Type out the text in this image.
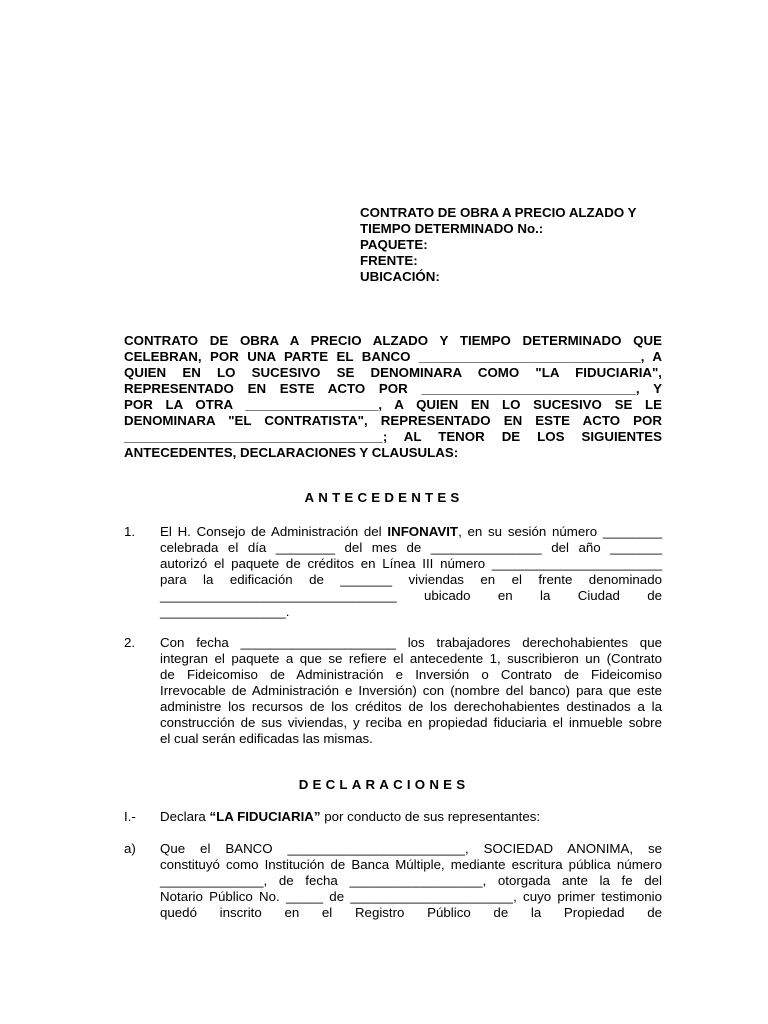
CONTRATO DE OBRA A PRECIO ALZADO Y
TIEMPO DETERMINADO No.:
PAQUETE:
FRENTE:
UBICACIÓN:
CONTRATO DE OBRA A PRECIO ALZADO Y TIEMPO DETERMINADO QUE
CELEBRAN, POR UNA PARTE EL BANCO ______________________________, A
QUIEN EN LO SUCESIVO SE DENOMINARA COMO "LA FIDUCIARIA",
REPRESENTADO EN ESTE ACTO POR _____________________________, Y
POR LA OTRA __________________, A QUIEN EN LO SUCESIVO SE LE
DENOMINARA "EL CONTRATISTA", REPRESENTADO EN ESTE ACTO POR
___________________________________; AL TENOR DE LOS SIGUIENTES
ANTECEDENTES, DECLARACIONES Y CLAUSULAS:
ANTECEDENTES
1. El H. Consejo de Administración del INFONAVIT, en su sesión número ________
celebrada el día ________ del mes de _______________ del año _______
autorizó el paquete de créditos en Línea III número _______________________
para la edificación de _______ viviendas en el frente denominado
________________________________ ubicado en la Ciudad de
_________________.
2. Con fecha _____________________ los trabajadores derechohabientes que
integran el paquete a que se refiere el antecedente 1, suscribieron un (Contrato
de Fideicomiso de Administración e Inversión o Contrato de Fideicomiso
Irrevocable de Administración e Inversión) con (nombre del banco) para que este
administre los recursos de los créditos de los derechohabientes destinados a la
construcción de sus viviendas, y reciba en propiedad fiduciaria el inmueble sobre
el cual serán edificadas las mismas.
DECLARACIONES
I.- Declara “LA FIDUCIARIA” por conducto de sus representantes:
a) Que el BANCO ________________________, SOCIEDAD ANONIMA, se
constituyó como Institución de Banca Múltiple, mediante escritura pública número
______________, de fecha __________________, otorgada ante la fe del
Notario Público No. _____ de ______________________, cuyo primer testimonio
quedó inscrito en el Registro Público de la Propiedad de
